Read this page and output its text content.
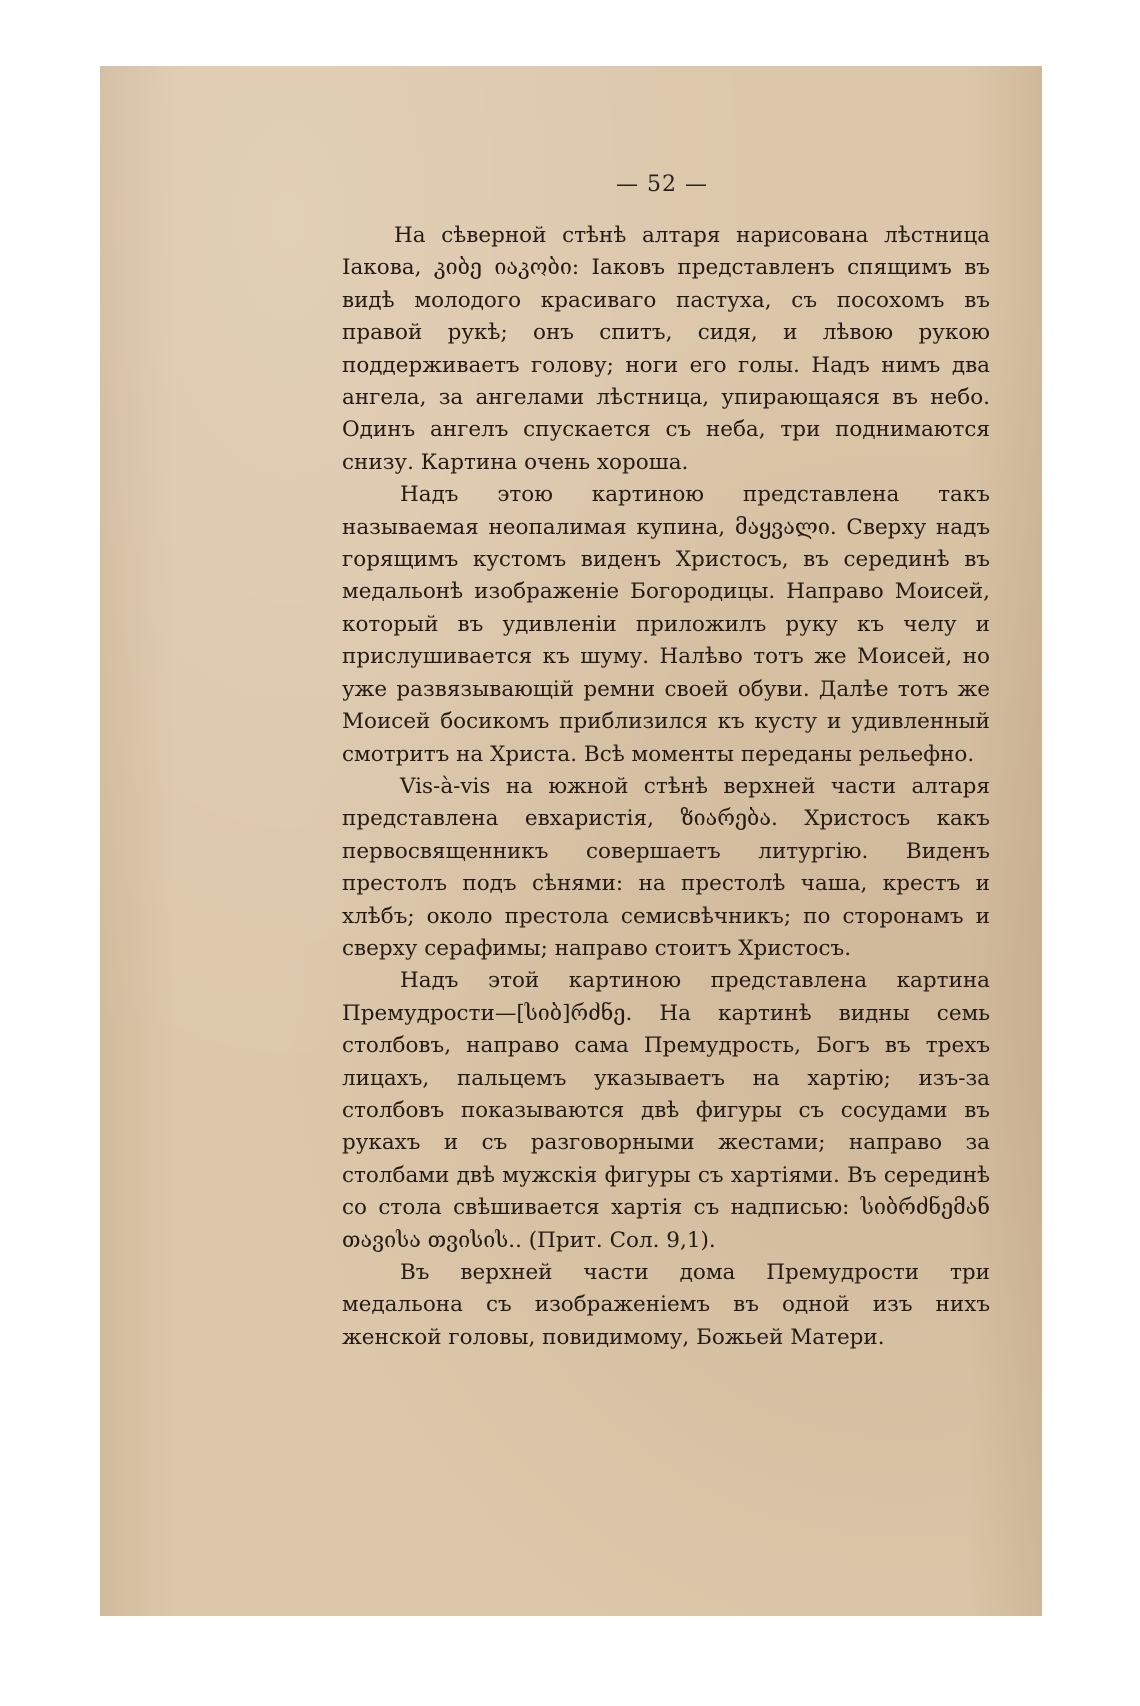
— 52 —

На сѣверной стѣнѣ алтаря нарисована лѣстница Іакова, კიბე იაკობი: Іаковъ представленъ спящимъ въ видѣ молодого красиваго пастуха, съ посохомъ въ правой рукѣ; онъ спитъ, сидя, и лѣвою рукою поддерживаетъ голову; ноги его голы. Надъ нимъ два ангела, за ангелами лѣстница, упирающаяся въ небо. Одинъ ангелъ спускается съ неба, три поднимаются снизу. Картина очень хороша.

Надъ этою картиною представлена такъ называемая неопалимая купина, მაყვალი. Сверху надъ горящимъ кустомъ виденъ Христосъ, въ серединѣ въ медальонѣ изображеніе Богородицы. Направо Моисей, который въ удивленіи приложилъ руку къ челу и прислушивается къ шуму. Налѣво тотъ же Моисей, но уже развязывающій ремни своей обуви. Далѣе тотъ же Моисей босикомъ приблизился къ кусту и удивленный смотритъ на Христа. Всѣ моменты переданы рельефно.

Vis-à-vis на южной стѣнѣ верхней части алтаря представлена евхаристія, ზიარება. Христосъ какъ первосвященникъ совершаетъ литургію. Виденъ престолъ подъ сѣнями: на престолѣ чаша, крестъ и хлѣбъ; около престола семисвѣчникъ; по сторонамъ и сверху серафимы; направо стоитъ Христосъ.

Надъ этой картиною представлена картина Премудрости—[სიბ]რძნე. На картинѣ видны семь столбовъ, направо сама Премудрость, Богъ въ трехъ лицахъ, пальцемъ указываетъ на хартію; изъ-за столбовъ показываются двѣ фигуры съ сосудами въ рукахъ и съ разговорными жестами; направо за столбами двѣ мужскія фигуры съ хартіями. Въ серединѣ со стола свѣшивается хартія съ надписью: სიბრძნემან თავისა თვისის.. (Прит. Сол. 9,1).

Въ верхней части дома Премудрости три медальона съ изображеніемъ въ одной изъ нихъ женской головы, повидимому, Божьей Матери.
